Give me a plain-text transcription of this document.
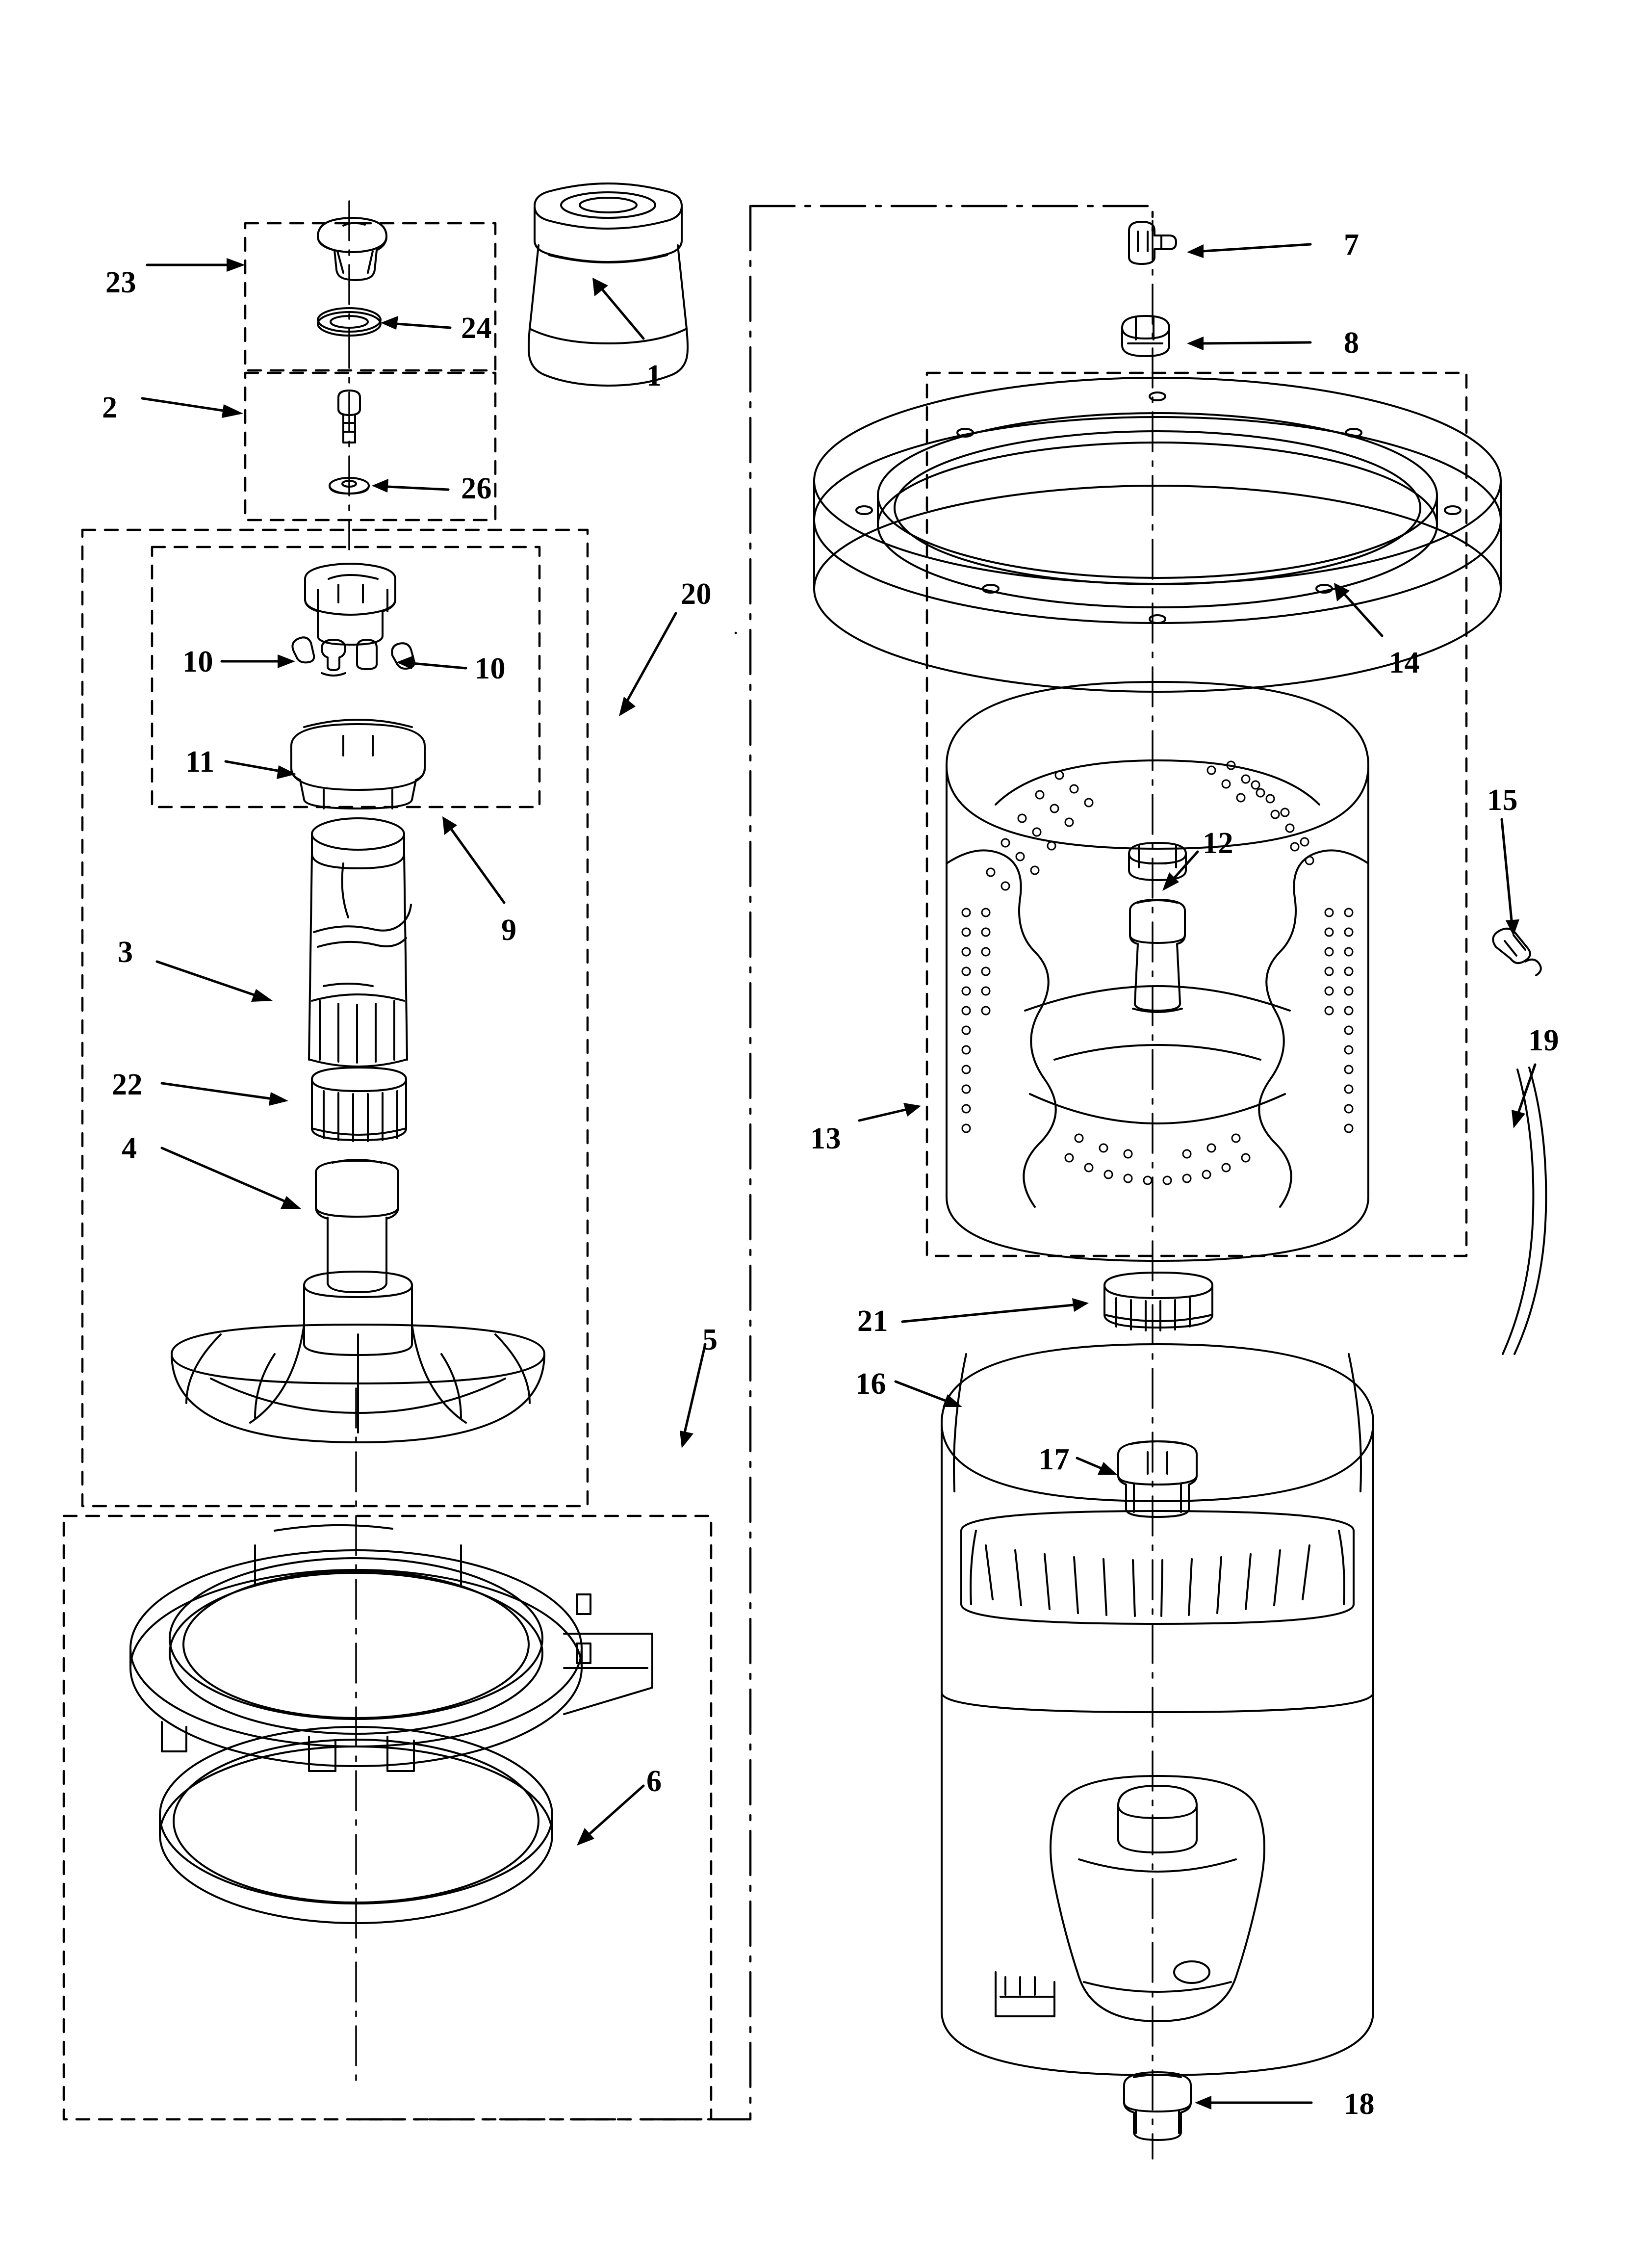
23
2
24
26
1
20
10	10
11
9
3
22
4
5
6
7
8
14
12
13
15
19
21
16
17
18
